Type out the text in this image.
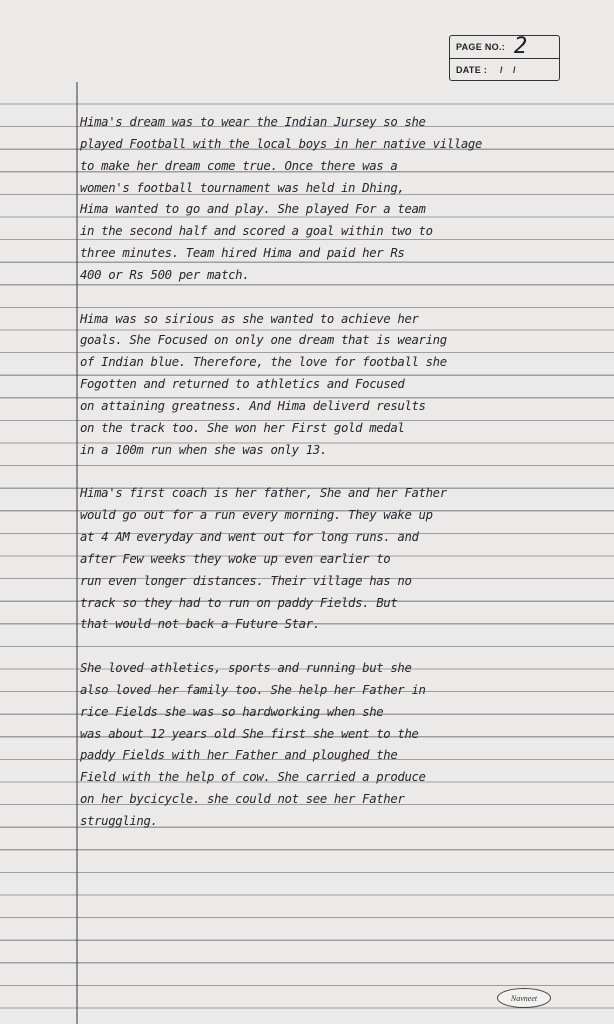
PAGE NO.: 2
DATE : / /
Hima's dream was to wear the Indian Jursey so she
played Football with the local boys in her native village
to make her dream come true. Once there was a
women's football tournament was held in Dhing,
Hima wanted to go and play. She played For a team
in the second half and scored a goal within two to
three minutes. Team hired Hima and paid her Rs
400 or Rs 500 per match.
Hima was so sirious as she wanted to achieve her
goals. She Focused on only one dream that is wearing
of Indian blue. Therefore, the love for football she
Fogotten and returned to athletics and Focused
on attaining greatness. And Hima deliverd results
on the track too. She won her First gold medal
in a 100m run when she was only 13.
Hima's first coach is her father, She and her Father
would go out for a run every morning. They wake up
at 4 AM everyday and went out for long runs. and
after Few weeks they woke up even earlier to
run even longer distances. Their village has no
track so they had to run on paddy Fields. But
that would not back a Future Star.
She loved athletics, sports and running but she
also loved her family too. She help her Father in
rice Fields she was so hardworking when she
was about 12 years old She first she went to the
paddy Fields with her Father and ploughed the
Field with the help of cow. She carried a produce
on her bycicycle. she could not see her Father
struggling.
Navneet
